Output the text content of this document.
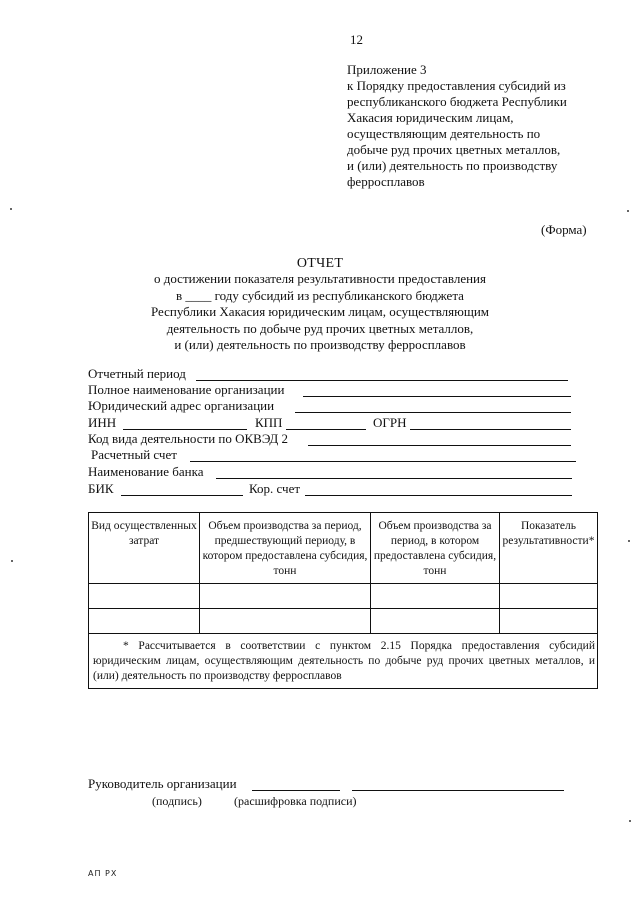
12
Приложение 3
к Порядку предоставления субсидий из
республиканского бюджета Республики
Хакасия юридическим лицам,
осуществляющим деятельность по
добыче руд прочих цветных металлов,
и (или) деятельность по производству
ферросплавов
(Форма)
ОТЧЕТ
о достижении показателя результативности предоставления
в ____ году субсидий из республиканского бюджета
Республики Хакасия юридическим лицам, осуществляющим
деятельность по добыче руд прочих цветных металлов,
и (или) деятельность по производству ферросплавов
Отчетный период
Полное наименование организации
Юридический адрес организации
ИНН	КПП	ОГРН
Код вида деятельности по ОКВЭД 2
Расчетный счет
Наименование банка
БИК	Кор. счет
Вид осуществленных затрат	Объем производства за период, предшествующий периоду, в котором предоставлена субсидия, тонн	Объем производства за период, в котором предоставлена субсидия, тонн	Показатель результативности*

* Рассчитывается в соответствии с пунктом 2.15 Порядка предоставления субсидий юридическим лицам, осуществляющим деятельность по добыче руд прочих цветных металлов, и (или) деятельность по производству ферросплавов			
Руководитель организации
(подпись)	(расшифровка подписи)
АП РХ
